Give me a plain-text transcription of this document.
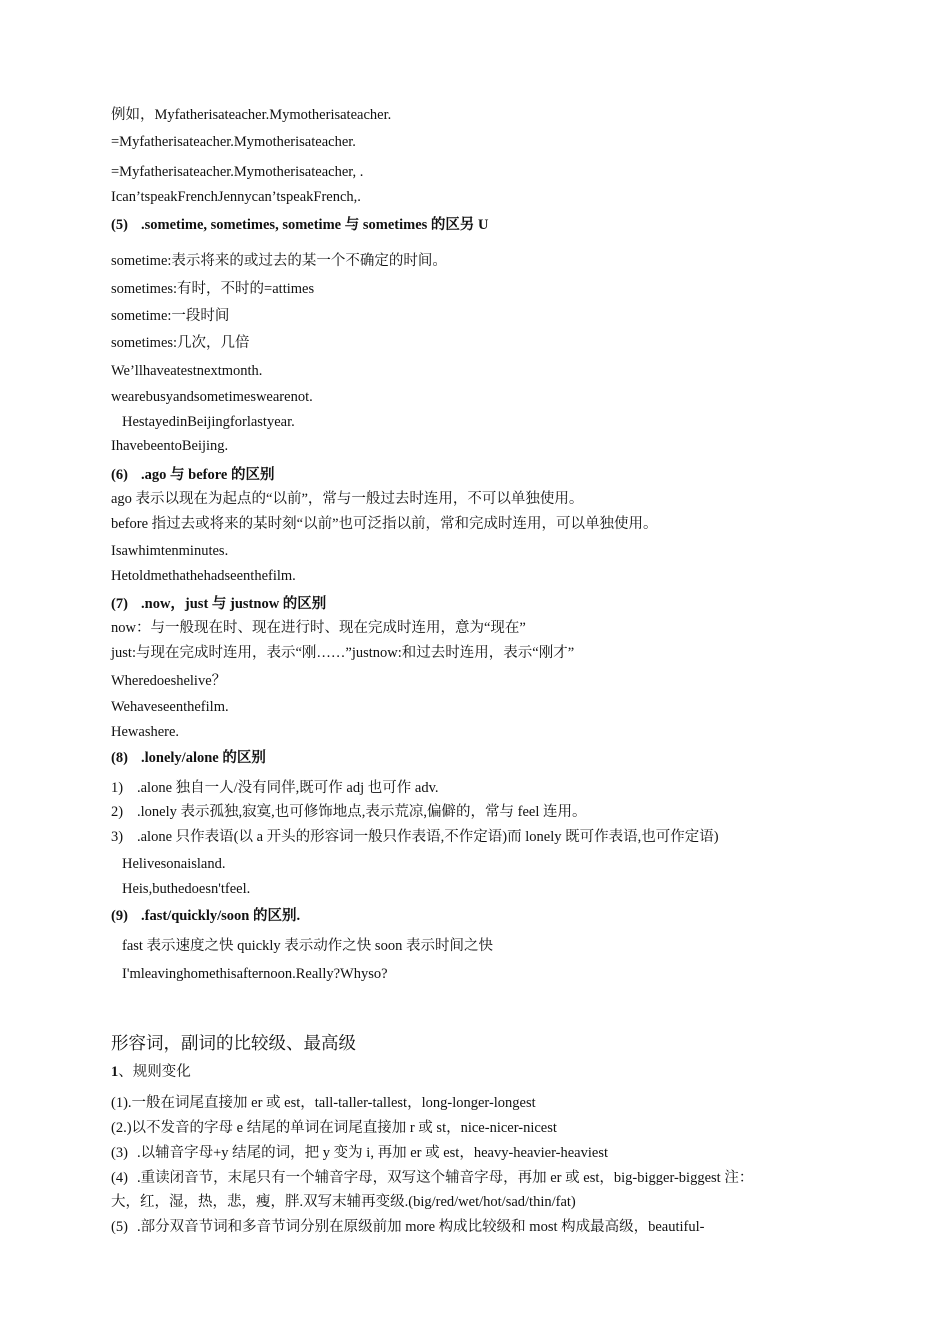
例如，Myfatherisateacher.Mymotherisateacher.
=Myfatherisateacher.Mymotherisateacher.
=Myfatherisateacher.Mymotherisateacher, .
Ican’tspeakFrenchJennycan’tspeakFrench,.
(5) .sometime, sometimes, sometime 与 sometimes 的区另 U
sometime:表示将来的或过去的某一个不确定的时间。
sometimes:有时，不时的=attimes
sometime:一段时间
sometimes:几次，几倍
We’llhaveatestnextmonth.
wearebusyandsometimeswearenot.
HestayedinBeijingforlastyear.
IhavebeentoBeijing.
(6) .ago 与 before 的区别
ago 表示以现在为起点的“以前”，常与一般过去时连用，不可以单独使用。
before 指过去或将来的某时刻“以前”也可泛指以前，常和完成时连用，可以单独使用。
Isawhimtenminutes.
Hetoldmethathehadseenthefilm.
(7) .now，just 与 justnow 的区别
now：与一般现在时、现在进行时、现在完成时连用，意为“现在”
just:与现在完成时连用，表示“刚……”justnow:和过去时连用，表示“刚才”
Wheredoeshelive？
Wehaveseenthefilm.
Hewashere.
(8) .lonely/alone 的区别
1) .alone 独自一人/没有同伴,既可作 adj 也可作 adv.
2) .lonely 表示孤独,寂寞,也可修饰地点,表示荒凉,偏僻的，常与 feel 连用。
3) .alone 只作表语(以 a 开头的形容词一般只作表语,不作定语)而 lonely 既可作表语,也可作定语)
Helivesonaisland.
Heis,buthedoesn'tfeel.
(9) .fast/quickly/soon 的区别.
fast 表示速度之快 quickly 表示动作之快 soon 表示时间之快
I'mleavinghomethisafternoon.Really?Whyso?
形容词，副词的比较级、最高级
1、规则变化
(1).一般在词尾直接加 er 或 est，tall-taller-tallest，long-longer-longest
(2.)以不发音的字母 e 结尾的单词在词尾直接加 r 或 st，nice-nicer-nicest
(3) .以辅音字母+y 结尾的词，把 y 变为 i, 再加 er 或 est，heavy-heavier-heaviest
(4) .重读闭音节，末尾只有一个辅音字母，双写这个辅音字母，再加 er 或 est，big-bigger-biggest 注：
大，红，湿，热，悲，瘦，胖.双写末辅再变级.(big/red/wet/hot/sad/thin/fat)
(5) .部分双音节词和多音节词分别在原级前加 more 构成比较级和 most 构成最高级，beautiful-
